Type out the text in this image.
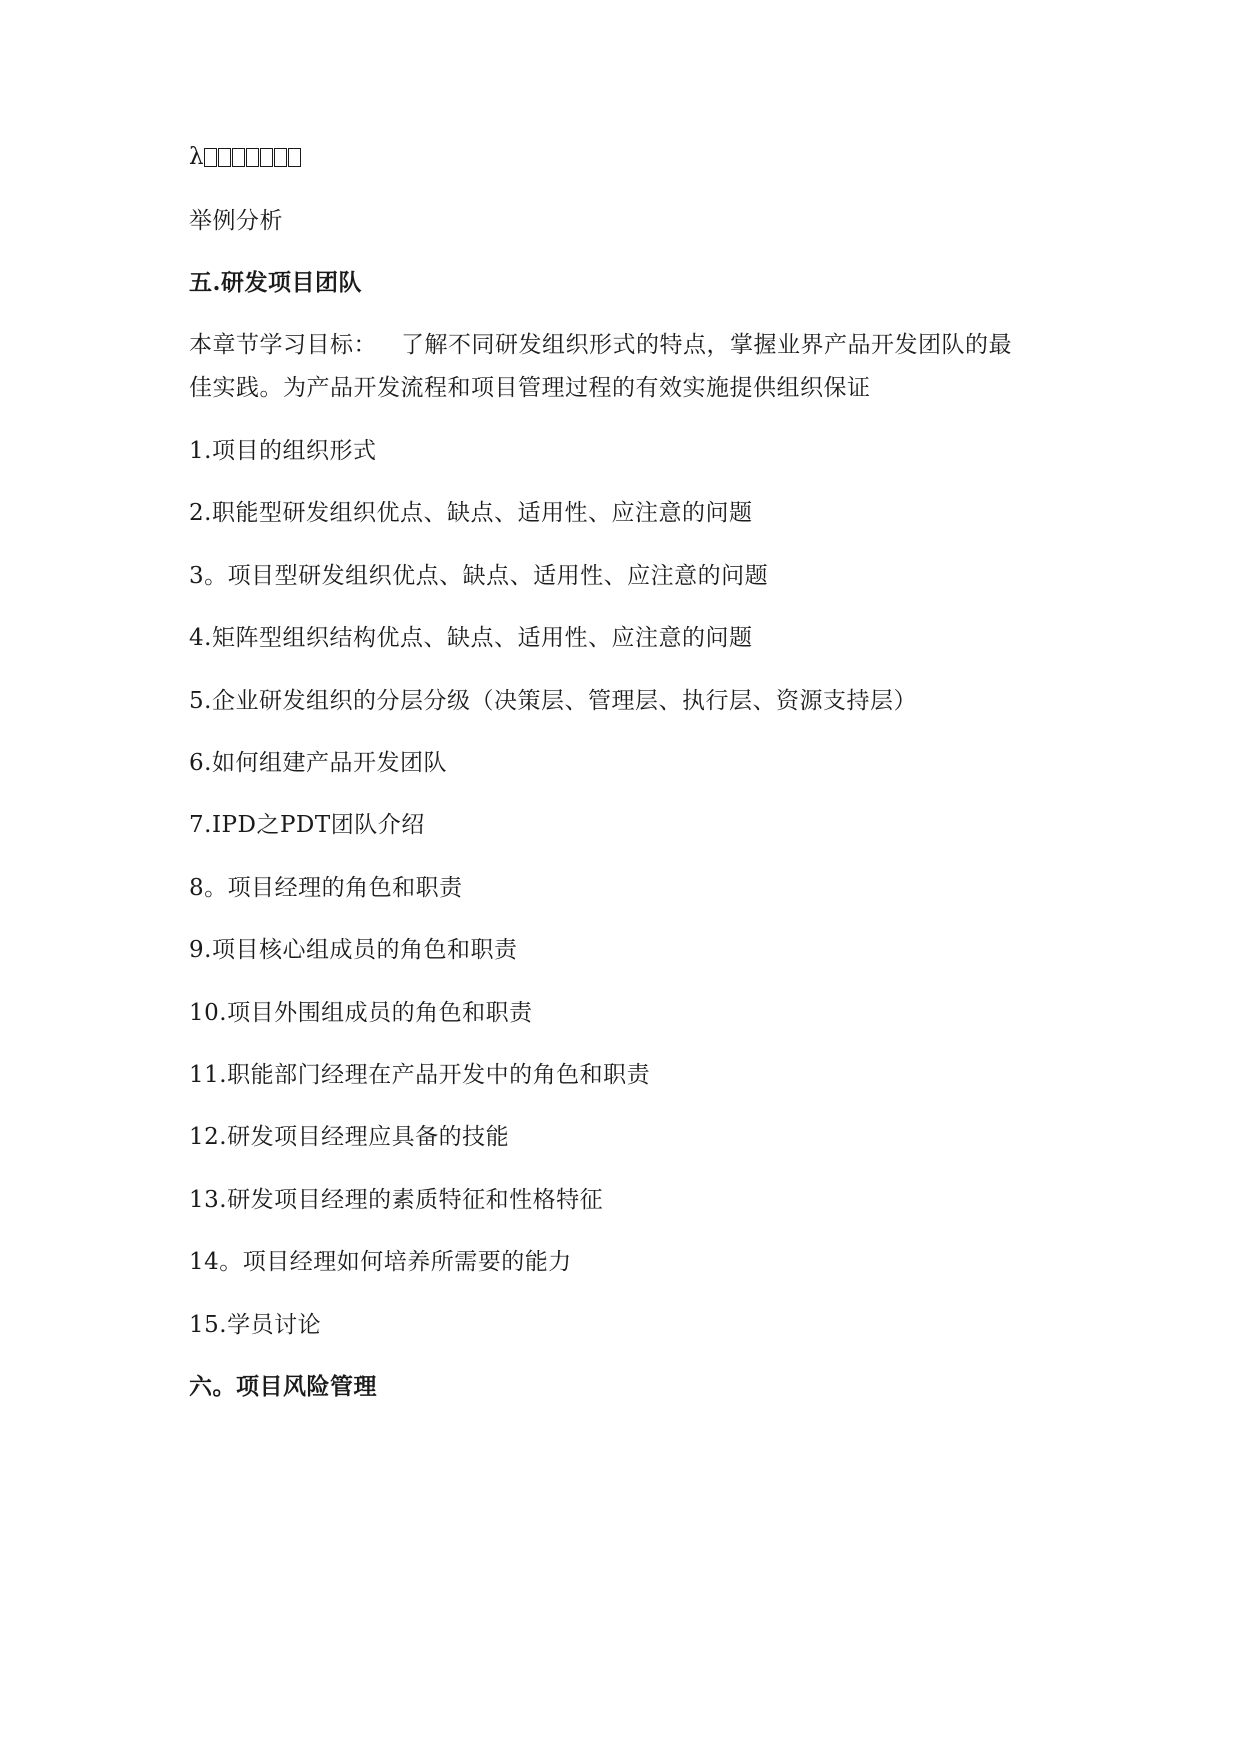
λ
举例分析
五.研发项目团队
本章节学习目标： 了解不同研发组织形式的特点，掌握业界产品开发团队的最
佳实践。为产品开发流程和项目管理过程的有效实施提供组织保证
1.项目的组织形式
2.职能型研发组织优点、缺点、适用性、应注意的问题
3。项目型研发组织优点、缺点、适用性、应注意的问题
4.矩阵型组织结构优点、缺点、适用性、应注意的问题
5.企业研发组织的分层分级（决策层、管理层、执行层、资源支持层）
6.如何组建产品开发团队
7.IPD之PDT团队介绍
8。项目经理的角色和职责
9.项目核心组成员的角色和职责
10.项目外围组成员的角色和职责
11.职能部门经理在产品开发中的角色和职责
12.研发项目经理应具备的技能
13.研发项目经理的素质特征和性格特征
14。项目经理如何培养所需要的能力
15.学员讨论
六。项目风险管理
